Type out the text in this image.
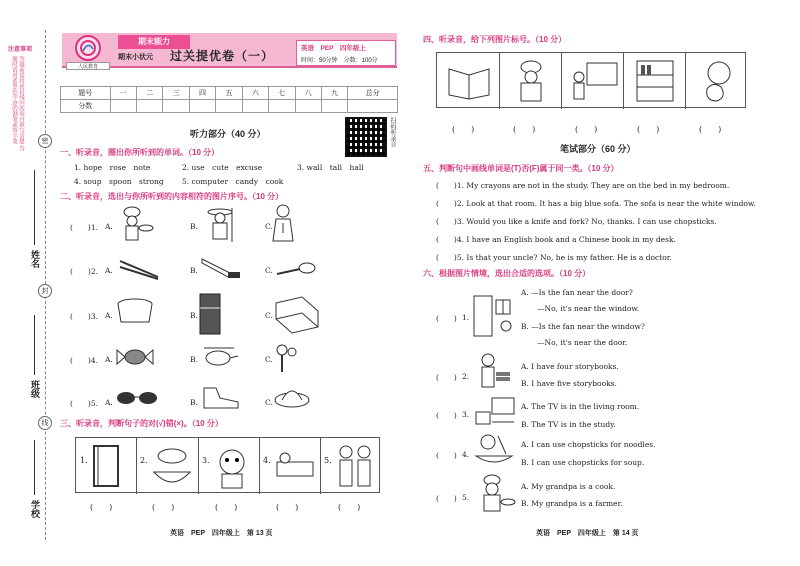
注意事项
答题前请将密封线内的项目填写清楚 答题时请用蓝黑色字迹的钢笔或签字笔	密
封
线
姓名
班级
学校
人民教育
期末能力
期末小状元 过关提优卷（一）
英语　PEP　四年级上
时间：50分钟　分数：100分
题号	一	二	三	四	五	六	七	八	九	总分
分数										
扫码听录音
听力部分（40 分）
一、听录音，圈出你所听到的单词。（10 分）
1. hope　rose　note	2. use　cute　excuse	3. wall　tall　hall
4. soup　spoon　strong 5. computer　candy　cook
二、听录音，选出与你所听到的内容相符的图片序号。（10 分）
(　　)1. A.	B.	C.
(　　)2. A.	B.	C.
(　　)3. A.	B.	C.
(　　)4. A.	B.	C.
(　　)5. A.	B.	C.
三、听录音，判断句子的对(√)错(×)。（10 分）
1.	2.	3.	4.	5.
(　　)	(　　)	(　　)	(　　)	(　　)
英语　PEP　四年级上　第 13 页
四、听录音，给下列图片标号。（10 分）
(　　)	(　　)	(　　)	(　　)	(　　)
笔试部分（60 分）
五、判断句中画线单词是(T)否(F)属于同一类。（10 分）
(　　)1. My crayons are not in the study. They are on the bed in my bedroom.
(　　)2. Look at that room. It has a big blue sofa. The sofa is near the white window.
(　　)3. Would you like a knife and fork? No, thanks. I can use chopsticks.
(　　)4. I have an English book and a Chinese book in my desk.
(　　)5. Is that your uncle? No, he is my father. He is a doctor.
六、根据图片情境，选出合适的选项。（10 分）
(　　) 1.
A. —Is the fan near the door?
—No, it's near the window.
B. —Is the fan near the window?
—No, it's near the door.
(　　) 2.
A. I have four storybooks.
B. I have five storybooks.
(　　) 3.
A. The TV is in the living room.
B. The TV is in the study.
(　　) 4.
A. I can use chopsticks for noodles.
B. I can use chopsticks for soup.
(　　) 5.
A. My grandpa is a cook.
B. My grandpa is a farmer.
英语　PEP　四年级上　第 14 页
